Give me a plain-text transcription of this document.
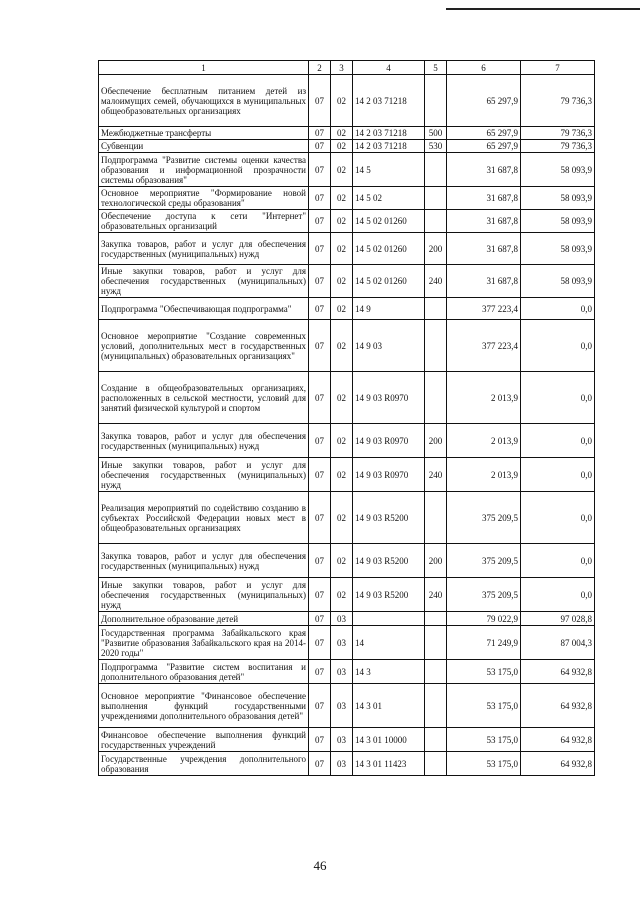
1	2	3	4	5	6	7
Обеспечение бесплатным питанием детей из малоимущих семей, обучающихся в муниципальных общеобразовательных организациях	07	02	14 2 03 71218		65 297,9	79 736,3
Межбюджетные трансферты	07	02	14 2 03 71218	500	65 297,9	79 736,3
Субвенции	07	02	14 2 03 71218	530	65 297,9	79 736,3
Подпрограмма "Развитие системы оценки качества образования и информационной прозрачности системы образования"	07	02	14 5		31 687,8	58 093,9
Основное мероприятие "Формирование новой технологической среды образования"	07	02	14 5 02		31 687,8	58 093,9
Обеспечение доступа к сети "Интернет" образовательных организаций	07	02	14 5 02 01260		31 687,8	58 093,9
Закупка товаров, работ и услуг для обеспечения государственных (муниципальных) нужд	07	02	14 5 02 01260	200	31 687,8	58 093,9
Иные закупки товаров, работ и услуг для обеспечения государственных (муниципальных) нужд	07	02	14 5 02 01260	240	31 687,8	58 093,9
Подпрограмма "Обеспечивающая подпрограмма"	07	02	14 9		377 223,4	0,0
Основное мероприятие "Создание современных условий, дополнительных мест в государственных (муниципальных) образовательных организациях"	07	02	14 9 03		377 223,4	0,0
Создание в общеобразовательных организациях, расположенных в сельской местности, условий для занятий физической культурой и спортом	07	02	14 9 03 R0970		2 013,9	0,0
Закупка товаров, работ и услуг для обеспечения государственных (муниципальных) нужд	07	02	14 9 03 R0970	200	2 013,9	0,0
Иные закупки товаров, работ и услуг для обеспечения государственных (муниципальных) нужд	07	02	14 9 03 R0970	240	2 013,9	0,0
Реализация мероприятий по содействию созданию в субъектах Российской Федерации новых мест в общеобразовательных организациях	07	02	14 9 03 R5200		375 209,5	0,0
Закупка товаров, работ и услуг для обеспечения государственных (муниципальных) нужд	07	02	14 9 03 R5200	200	375 209,5	0,0
Иные закупки товаров, работ и услуг для обеспечения государственных (муниципальных) нужд	07	02	14 9 03 R5200	240	375 209,5	0,0
Дополнительное образование детей	07	03			79 022,9	97 028,8
Государственная программа Забайкальского края "Развитие образования Забайкальского края на 2014-2020 годы"	07	03	14		71 249,9	87 004,3
Подпрограмма "Развитие систем воспитания и дополнительного образования детей"	07	03	14 3		53 175,0	64 932,8
Основное мероприятие "Финансовое обеспечение выполнения функций государственными учреждениями дополнительного образования детей"	07	03	14 3 01		53 175,0	64 932,8
Финансовое обеспечение выполнения функций государственных учреждений	07	03	14 3 01 10000		53 175,0	64 932,8
Государственные учреждения дополнительного образования	07	03	14 3 01 11423		53 175,0	64 932,8
46
